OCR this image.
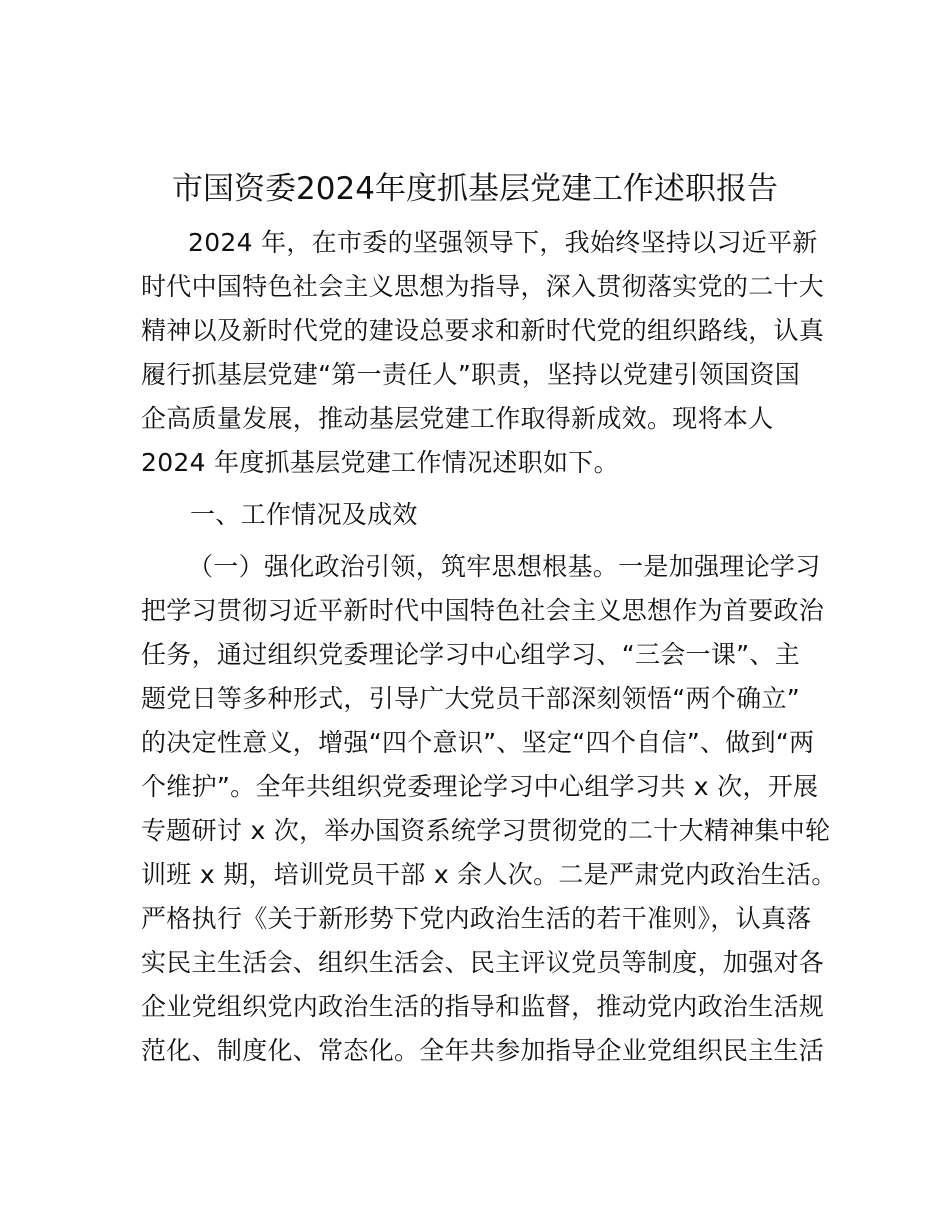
市国资委2024年度抓基层党建工作述职报告
2024 年，在市委的坚强领导下，我始终坚持以习近平新
时代中国特色社会主义思想为指导，深入贯彻落实党的二十大
精神以及新时代党的建设总要求和新时代党的组织路线，认真
履行抓基层党建“第一责任人”职责，坚持以党建引领国资国
企高质量发展，推动基层党建工作取得新成效。现将本人
2024 年度抓基层党建工作情况述职如下。
一、工作情况及成效
（一）强化政治引领，筑牢思想根基。一是加强理论学习
把学习贯彻习近平新时代中国特色社会主义思想作为首要政治
任务，通过组织党委理论学习中心组学习、“三会一课”、主
题党日等多种形式，引导广大党员干部深刻领悟“两个确立”
的决定性意义，增强“四个意识”、坚定“四个自信”、做到“两
个维护”。全年共组织党委理论学习中心组学习共 x 次，开展
专题研讨 x 次，举办国资系统学习贯彻党的二十大精神集中轮
训班 x 期，培训党员干部 x 余人次。二是严肃党内政治生活。
严格执行《关于新形势下党内政治生活的若干准则》，认真落
实民主生活会、组织生活会、民主评议党员等制度，加强对各
企业党组织党内政治生活的指导和监督，推动党内政治生活规
范化、制度化、常态化。全年共参加指导企业党组织民主生活
